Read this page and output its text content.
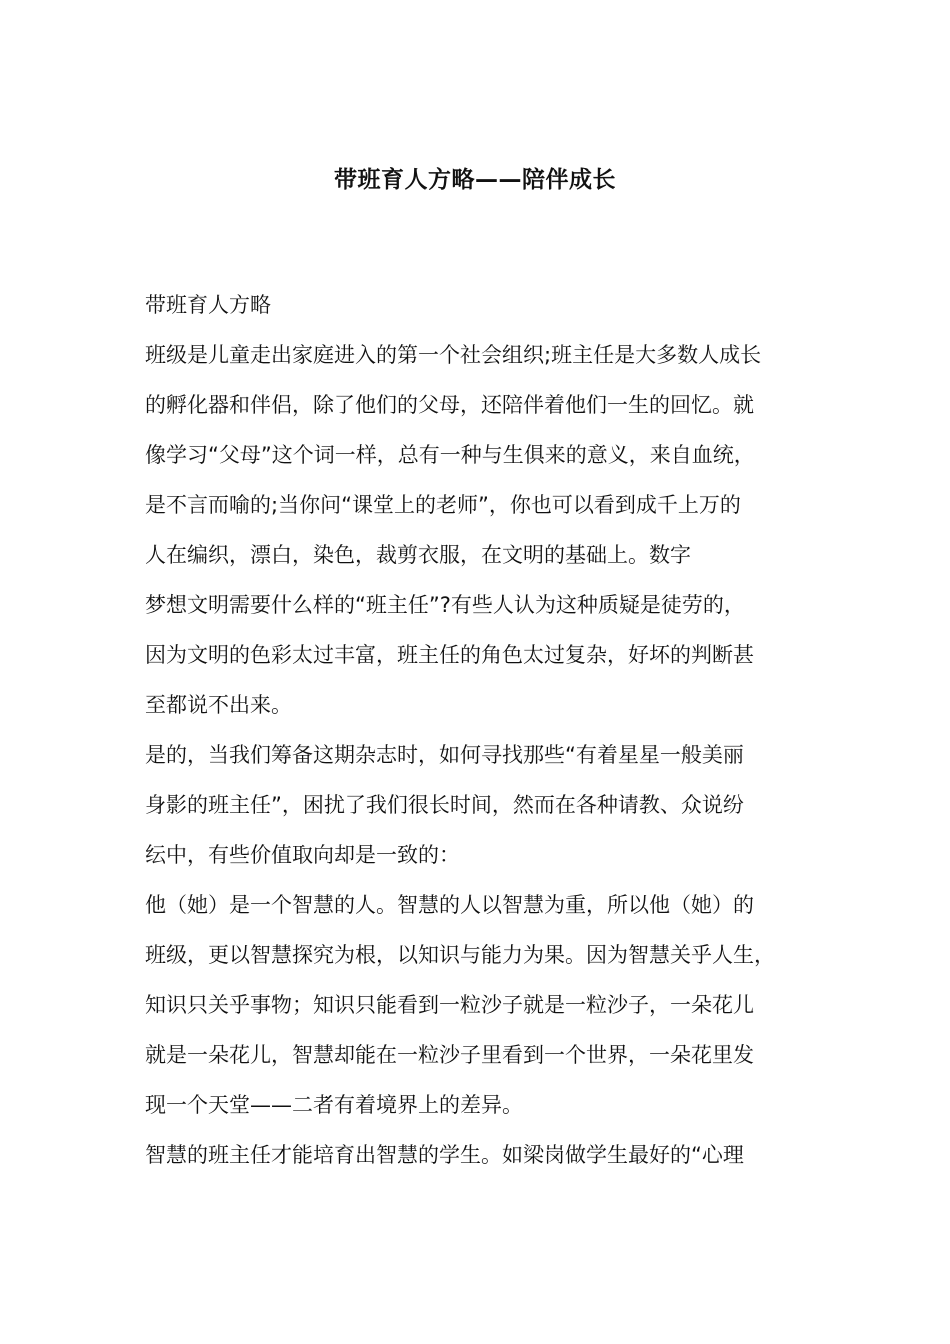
带班育人方略——陪伴成长
带班育人方略
班级是儿童走出家庭进入的第一个社会组织;班主任是大多数人成长
的孵化器和伴侣，除了他们的父母，还陪伴着他们一生的回忆。就
像学习“父母”这个词一样，总有一种与生俱来的意义，来自血统，
是不言而喻的;当你问“课堂上的老师”，你也可以看到成千上万的
人在编织，漂白，染色，裁剪衣服，在文明的基础上。数字
梦想文明需要什么样的“班主任”?有些人认为这种质疑是徒劳的，
因为文明的色彩太过丰富，班主任的角色太过复杂，好坏的判断甚
至都说不出来。
是的，当我们筹备这期杂志时，如何寻找那些“有着星星一般美丽
身影的班主任”，困扰了我们很长时间，然而在各种请教、众说纷
纭中，有些价值取向却是一致的：
他（她）是一个智慧的人。智慧的人以智慧为重，所以他（她）的
班级，更以智慧探究为根，以知识与能力为果。因为智慧关乎人生，
知识只关乎事物；知识只能看到一粒沙子就是一粒沙子，一朵花儿
就是一朵花儿，智慧却能在一粒沙子里看到一个世界，一朵花里发
现一个天堂——二者有着境界上的差异。
智慧的班主任才能培育出智慧的学生。如梁岗做学生最好的“心理
